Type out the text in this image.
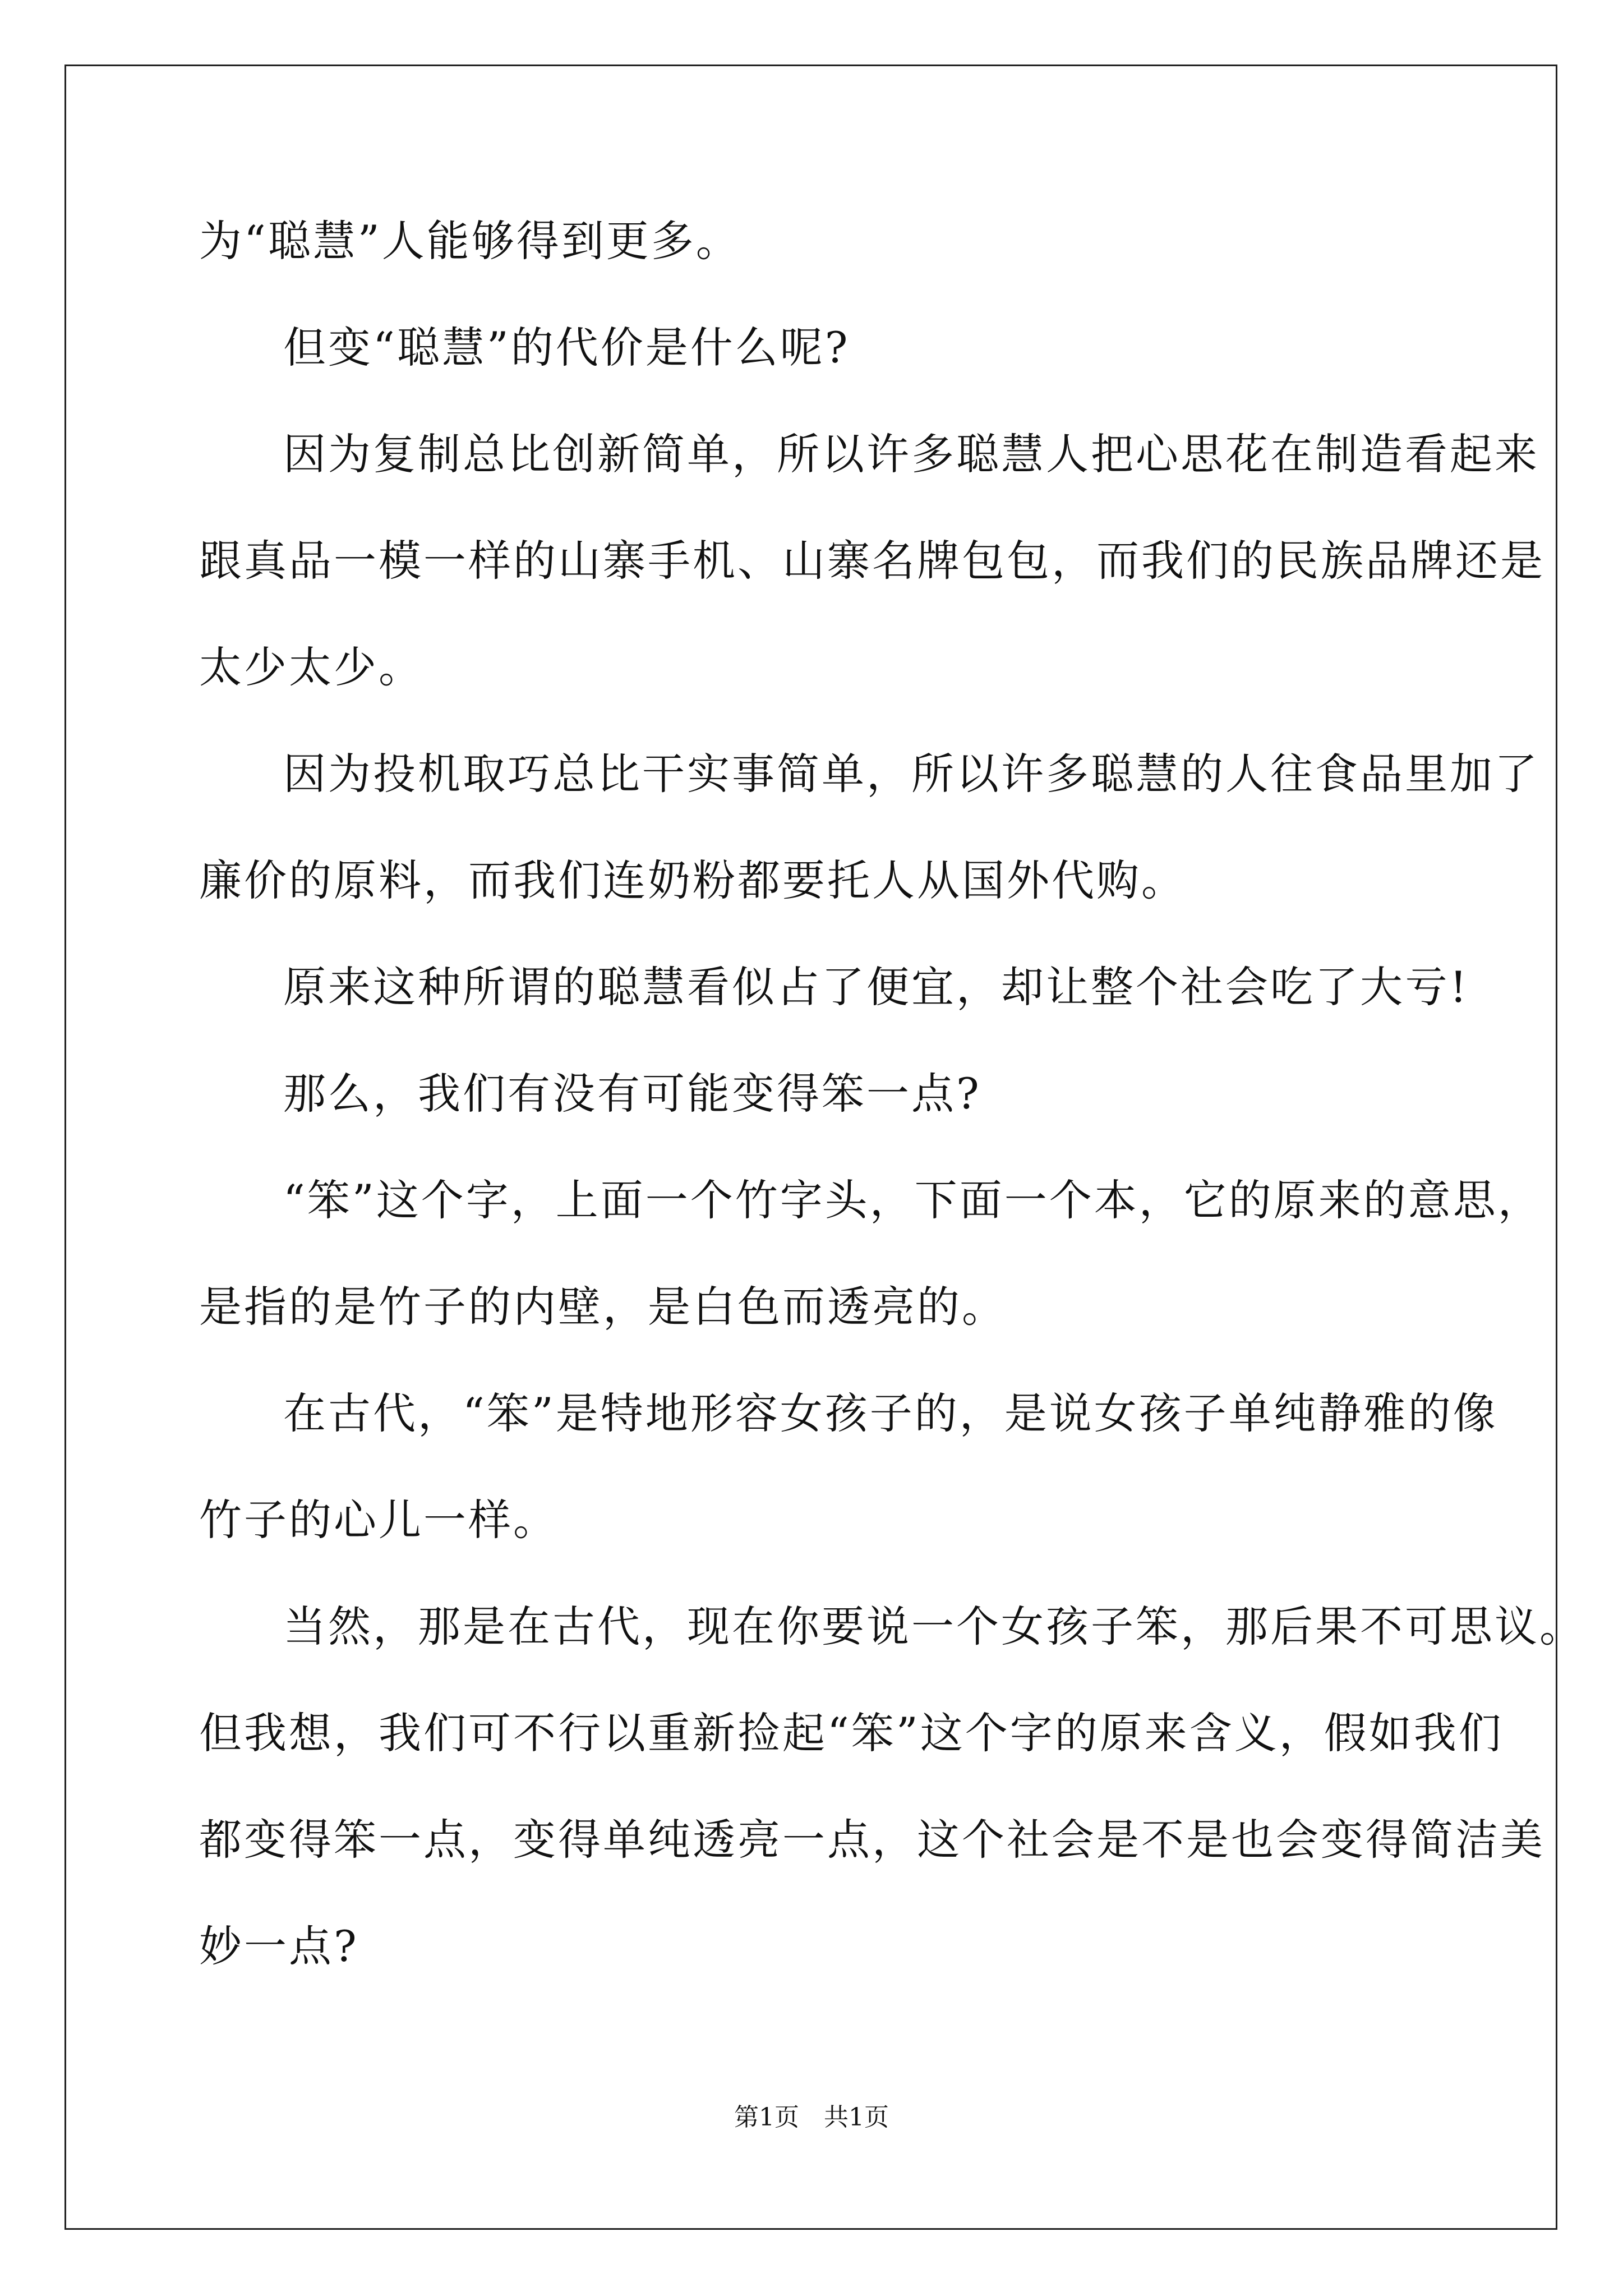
为“聪慧”人能够得到更多。
但变“聪慧”的代价是什么呢?
因为复制总比创新简单，所以许多聪慧人把心思花在制造看起来
跟真品一模一样的山寨手机、山寨名牌包包，而我们的民族品牌还是
太少太少。
因为投机取巧总比干实事简单，所以许多聪慧的人往食品里加了
廉价的原料，而我们连奶粉都要托人从国外代购。
原来这种所谓的聪慧看似占了便宜，却让整个社会吃了大亏!
那么，我们有没有可能变得笨一点?
“笨”这个字，上面一个竹字头，下面一个本，它的原来的意思，
是指的是竹子的内壁，是白色而透亮的。
在古代，“笨”是特地形容女孩子的，是说女孩子单纯静雅的像
竹子的心儿一样。
当然，那是在古代，现在你要说一个女孩子笨，那后果不可思议。
但我想，我们可不行以重新捡起“笨”这个字的原来含义，假如我们
都变得笨一点，变得单纯透亮一点，这个社会是不是也会变得简洁美
妙一点?
第1页　共1页
